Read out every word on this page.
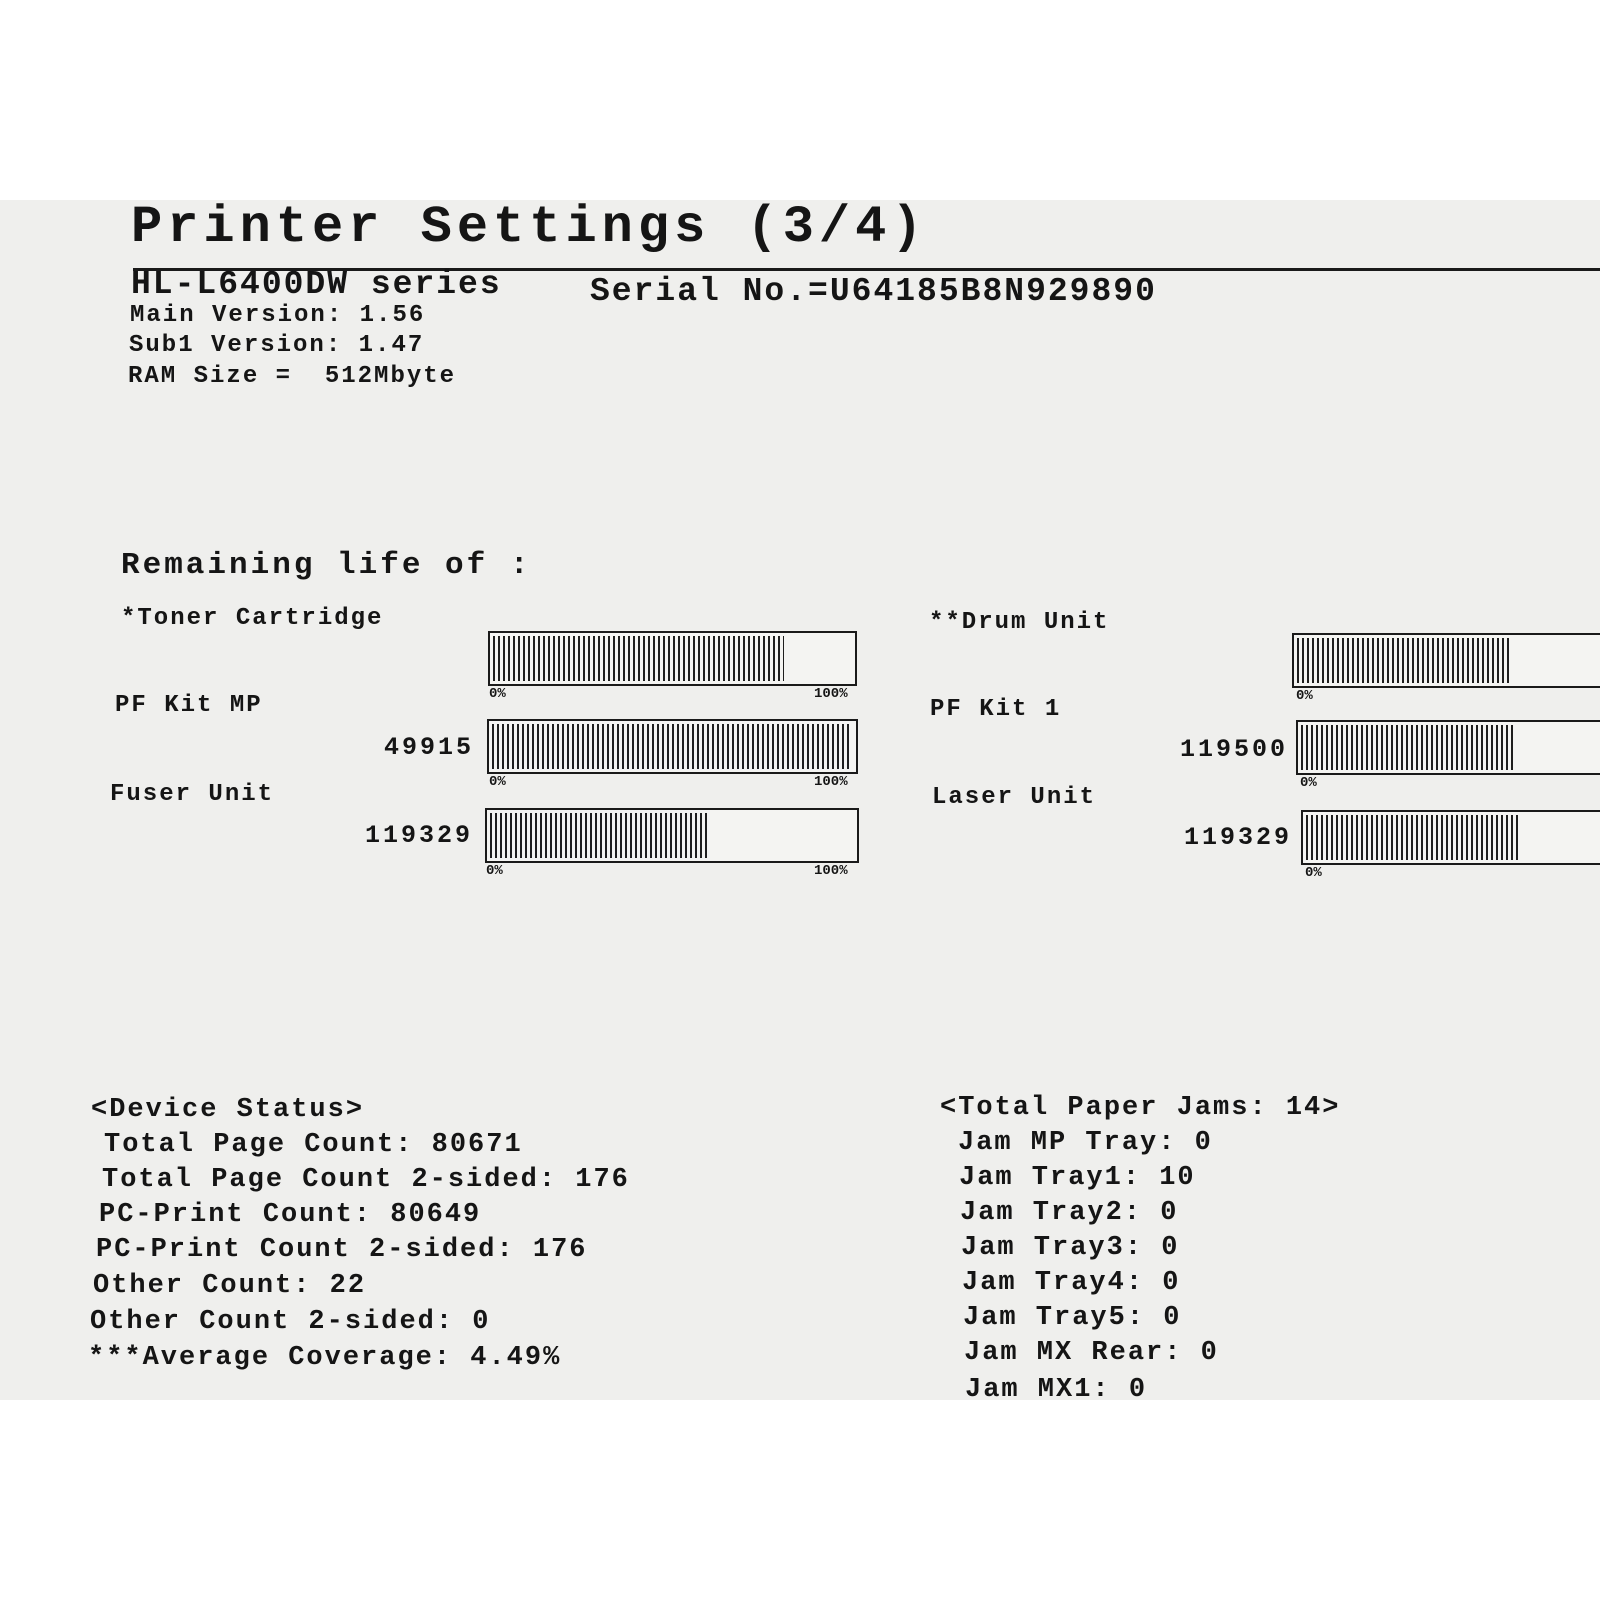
Printer Settings (3/4)
HL-L6400DW series	Serial No.=U64185B8N929890
Main Version: 1.56
Sub1 Version: 1.47
RAM Size =  512Mbyte
Remaining life of :
*Toner Cartridge
0%	100%
**Drum Unit
0%
PF Kit MP
49915
0%	100%
PF Kit 1
119500
0%
Fuser Unit
119329
0%	100%
Laser Unit
119329
0%
<Device Status>
Total Page Count: 80671
Total Page Count 2-sided: 176
PC-Print Count: 80649
PC-Print Count 2-sided: 176
Other Count: 22
Other Count 2-sided: 0
***Average Coverage: 4.49%
<Total Paper Jams: 14>
Jam MP Tray: 0
Jam Tray1: 10
Jam Tray2: 0
Jam Tray3: 0
Jam Tray4: 0
Jam Tray5: 0
Jam MX Rear: 0
Jam MX1: 0
